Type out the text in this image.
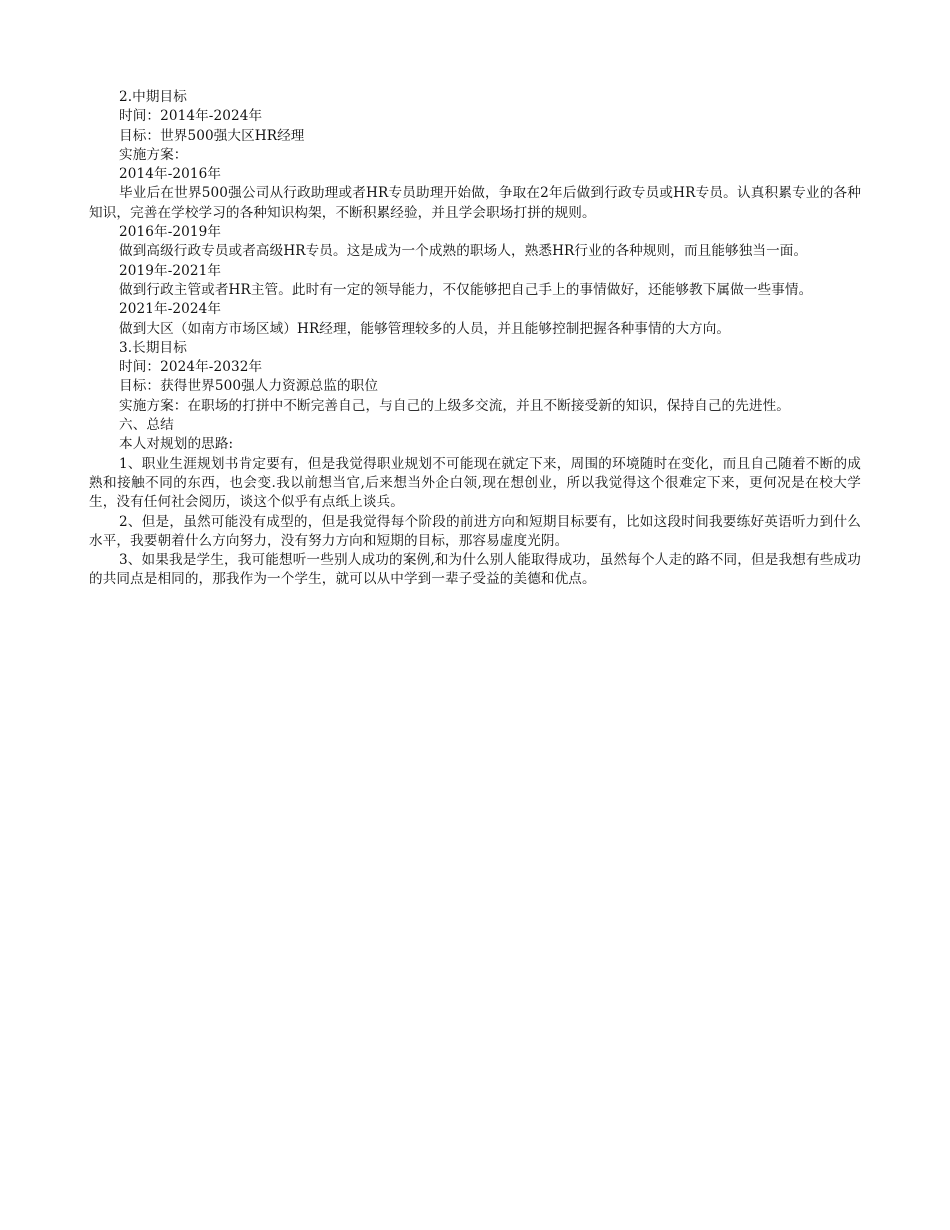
2.中期目标

时间：2014年-2024年

目标：世界500强大区HR经理

实施方案：

2014年-2016年

毕业后在世界500强公司从行政助理或者HR专员助理开始做，争取在2年后做到行政专员或HR专员。认真积累专业的各种知识，完善在学校学习的各种知识构架，不断积累经验，并且学会职场打拼的规则。

2016年-2019年

做到高级行政专员或者高级HR专员。这是成为一个成熟的职场人，熟悉HR行业的各种规则，而且能够独当一面。

2019年-2021年

做到行政主管或者HR主管。此时有一定的领导能力，不仅能够把自己手上的事情做好，还能够教下属做一些事情。

2021年-2024年

做到大区（如南方市场区域）HR经理，能够管理较多的人员，并且能够控制把握各种事情的大方向。

3.长期目标

时间：2024年-2032年

目标：获得世界500强人力资源总监的职位

实施方案：在职场的打拼中不断完善自己，与自己的上级多交流，并且不断接受新的知识，保持自己的先进性。

六、总结

本人对规划的思路:

1、职业生涯规划书肯定要有，但是我觉得职业规划不可能现在就定下来，周围的环境随时在变化，而且自己随着不断的成熟和接触不同的东西，也会变.我以前想当官,后来想当外企白领,现在想创业，所以我觉得这个很难定下来，更何况是在校大学生，没有任何社会阅历，谈这个似乎有点纸上谈兵。

2、但是，虽然可能没有成型的，但是我觉得每个阶段的前进方向和短期目标要有，比如这段时间我要练好英语听力到什么水平，我要朝着什么方向努力，没有努力方向和短期的目标，那容易虚度光阴。

3、如果我是学生，我可能想听一些别人成功的案例,和为什么别人能取得成功，虽然每个人走的路不同，但是我想有些成功的共同点是相同的，那我作为一个学生，就可以从中学到一辈子受益的美德和优点。
